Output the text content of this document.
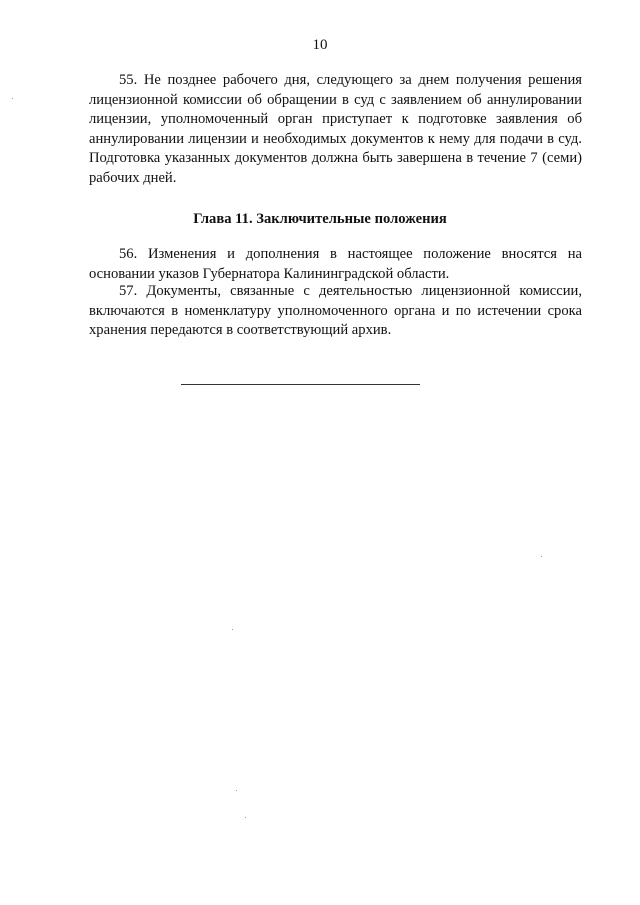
10

55. Не позднее рабочего дня, следующего за днем получения решения лицензионной комиссии об обращении в суд с заявлением об аннулировании лицензии, уполномоченный орган приступает к подготовке заявления об аннулировании лицензии и необходимых документов к нему для подачи в суд. Подготовка указанных документов должна быть завершена в течение 7 (семи) рабочих дней.

Глава 11. Заключительные положения

56. Изменения и дополнения в настоящее положение вносятся на основании указов Губернатора Калининградской области.

57. Документы, связанные с деятельностью лицензионной комиссии, включаются в номенклатуру уполномоченного органа и по истечении срока хранения передаются в соответствующий архив.
